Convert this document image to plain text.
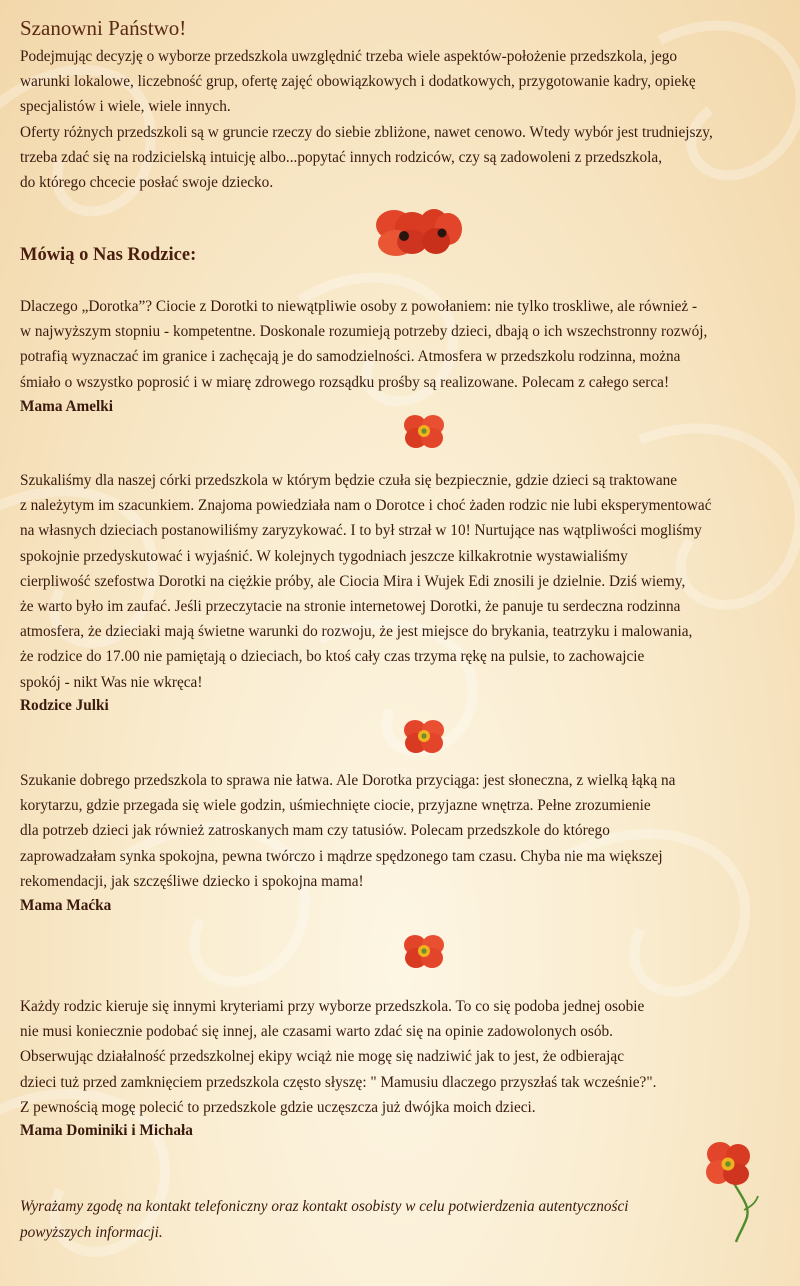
Szanowni Państwo!

Podejmując decyzję o wyborze przedszkola uwzględnić trzeba wiele aspektów-położenie przedszkola, jego
warunki lokalowe, liczebność grup, ofertę zajęć obowiązkowych i dodatkowych, przygotowanie kadry, opiekę
specjalistów i wiele, wiele innych.
Oferty różnych przedszkoli są w gruncie rzeczy do siebie zbliżone, nawet cenowo. Wtedy wybór jest trudniejszy,
trzeba zdać się na rodzicielską intuicję albo...popytać innych rodziców, czy są zadowoleni z przedszkola,
do którego chcecie posłać swoje dziecko.

Mówią o Nas Rodzice:

Dlaczego „Dorotka”? Ciocie z Dorotki to niewątpliwie osoby z powołaniem: nie tylko troskliwe, ale również -
w najwyższym stopniu - kompetentne. Doskonale rozumieją potrzeby dzieci, dbają o ich wszechstronny rozwój,
potrafią wyznaczać im granice i zachęcają je do samodzielności. Atmosfera w przedszkolu rodzinna, można
śmiało o wszystko poprosić i w miarę zdrowego rozsądku prośby są realizowane. Polecam z całego serca!

Mama Amelki

Szukaliśmy dla naszej córki przedszkola w którym będzie czuła się bezpiecznie, gdzie dzieci są traktowane
z należytym im szacunkiem. Znajoma powiedziała nam o Dorotce i choć żaden rodzic nie lubi eksperymentować
na własnych dzieciach postanowiliśmy zaryzykować. I to był strzał w 10! Nurtujące nas wątpliwości mogliśmy
spokojnie przedyskutować i wyjaśnić. W kolejnych tygodniach jeszcze kilkakrotnie wystawialiśmy
cierpliwość szefostwa Dorotki na ciężkie próby, ale Ciocia Mira i Wujek Edi znosili je dzielnie. Dziś wiemy,
że warto było im zaufać. Jeśli przeczytacie na stronie internetowej Dorotki, że panuje tu serdeczna rodzinna
atmosfera, że dzieciaki mają świetne warunki do rozwoju, że jest miejsce do brykania, teatrzyku i malowania,
że rodzice do 17.00 nie pamiętają o dzieciach, bo ktoś cały czas trzyma rękę na pulsie, to zachowajcie
spokój - nikt Was nie wkręca!

Rodzice Julki

Szukanie dobrego przedszkola to sprawa nie łatwa. Ale Dorotka przyciąga: jest słoneczna, z wielką łąką na
korytarzu, gdzie przegada się wiele godzin, uśmiechnięte ciocie, przyjazne wnętrza. Pełne zrozumienie
dla potrzeb dzieci jak również zatroskanych mam czy tatusiów. Polecam przedszkole do którego
zaprowadzałam synka spokojna, pewna twórczo i mądrze spędzonego tam czasu. Chyba nie ma większej
rekomendacji, jak szczęśliwe dziecko i spokojna mama!

Mama Maćka

Każdy rodzic kieruje się innymi kryteriami przy wyborze przedszkola. To co się podoba jednej osobie
nie musi koniecznie podobać się innej, ale czasami warto zdać się na opinie zadowolonych osób.
Obserwując działalność przedszkolnej ekipy wciąż nie mogę się nadziwić jak to jest, że odbierając
dzieci tuż przed zamknięciem przedszkola często słyszę: " Mamusiu dlaczego przyszłaś tak wcześnie?".
Z pewnością mogę polecić to przedszkole gdzie uczęszcza już dwójka moich dzieci.

Mama Dominiki i Michała

Wyrażamy zgodę na kontakt telefoniczny oraz kontakt osobisty w celu potwierdzenia autentyczności
powyższych informacji.
